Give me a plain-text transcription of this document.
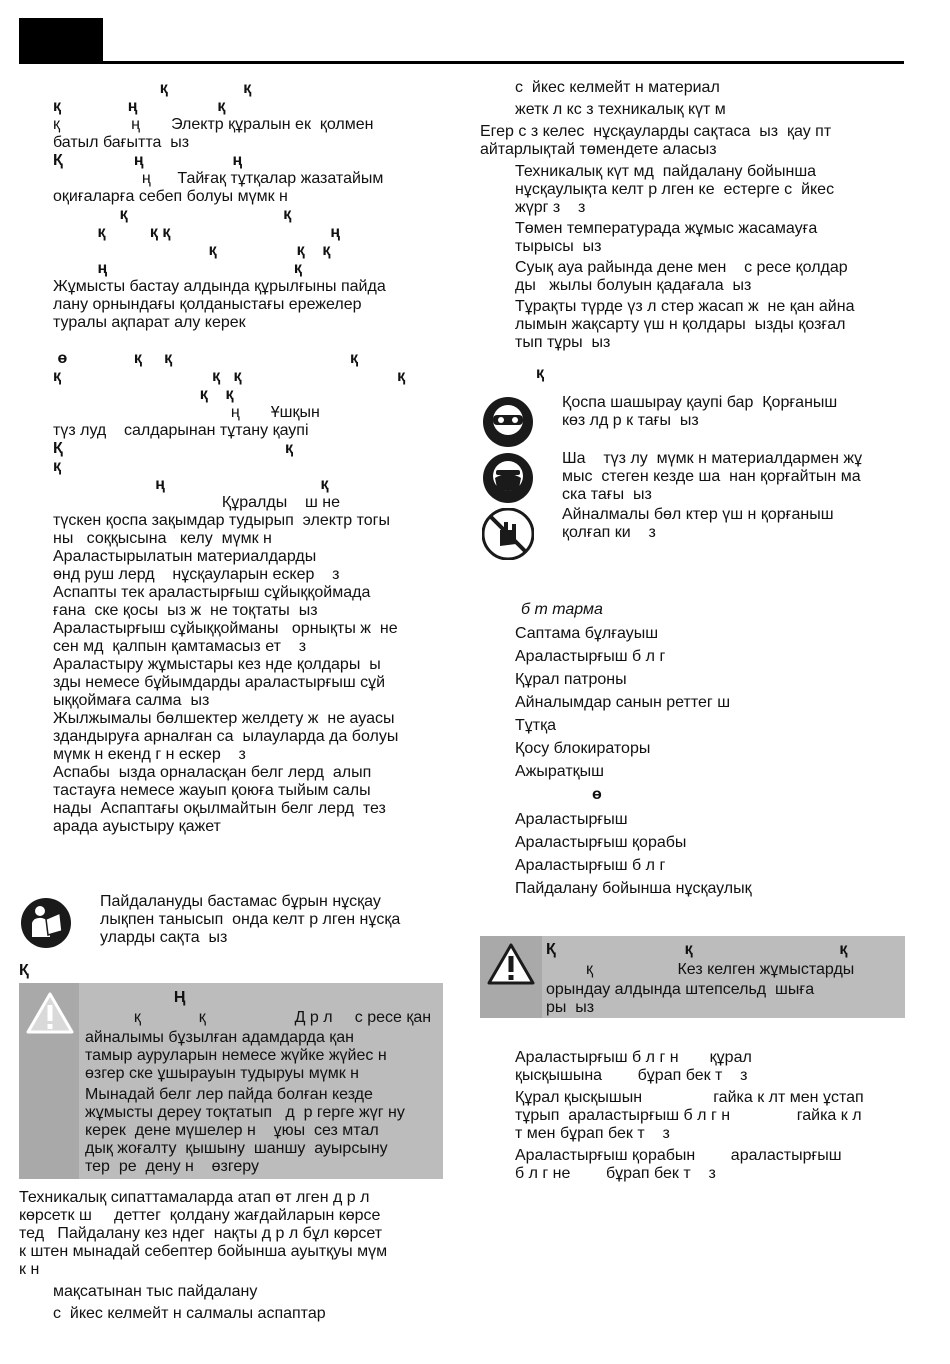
қ                 қ

қ               ң                  қ

қ                ң       Электр құралын ек  қолмен

батыл бағытта  ыз

Қ                ң                    ң

ң      Тайғақ тұтқалар жазатайым

оқиғаларға себеп болуы мүмк н

қ                                   қ

қ          қ қ                                    ң

қ                  қ    қ

ң                                          қ

Жұмысты бастау алдында құрылғыны пайда

лану орнындағы қолданыстағы ережелер

туралы ақпарат алу керек

ө               қ     қ                                        қ

қ                                  қ   қ                                   қ

қ    қ

ң       Ұшқын

түз луд    салдарынан тұтану қаупі

Қ                                                  қ

қ

ң                                   қ

Құралды    ш не

түскен қоспа зақымдар тудырып  электр тогы

ны   соққысына   келу  мүмк н

Араластырылатын материалдарды

өнд руш лерд    нұсқауларын ескер    з

Аспапты тек араластырғыш сұйыққоймада

ғана  ске қосы  ыз ж  не тоқтаты  ыз

Араластырғыш сұйыққойманы   орнықты ж  не

сен мд  қалпын қамтамасыз ет    з

Араластыру жұмыстары кез нде қолдары  ы

зды немесе бұйымдарды араластырғыш сұй

ыққоймаға салма  ыз

Жылжымалы бөлшектер желдету ж  не ауасы

здандыруға арналған са  ылауларда да болуы

мүмк н екенд г н ескер    з

Аспабы  ызда орналасқан белг лерд  алып

тастауға немесе жауып қоюға тыйым салы

нады  Аспаптағы оқылмайтын белг лерд  тез

арада ауыстыру қажет

Пайдалануды бастамас бұрын нұсқау

лықпен танысып  онда келт р лген нұсқа

уларды сақта  ыз

Қ

Ң

қ             қ                    Д р л     с ресе қан

айналымы бұзылған адамдарда қан

тамыр ауруларын немесе жүйке жүйес н

өзгер ске ұшырауын тудыруы мүмк н

Мынадай белг лер пайда болған кезде

жұмысты дереу тоқтатып   д  р герге жүг ну

керек  дене мүшелер н    ұюы  сез мтал

дық жоғалту  қышыну  шаншу  ауырсыну

тер  ре  дену н    өзгеру

Техникалық сипаттамаларда атап өт лген д р л

көрсетк ш     деттег  қолдану жағдайларын көрсе

тед   Пайдалану кез ндег  нақты д р л бұл көрсет

к штен мынадай себептер бойынша ауытқуы мүм

к н

мақсатынан тыс пайдалану

с  йкес келмейт н салмалы аспаптар

с  йкес келмейт н материал

жетк л кс з техникалық күт м

Егер с з келес  нұсқауларды сақтаса  ыз  қау пт

айтарлықтай төмендете аласыз

Техникалық күт мд  пайдалану бойынша

нұсқаулықта келт р лген ке  естерге с  йкес

жүрг з    з

Төмен температурада жұмыс жасамауға

тырысы  ыз

Суық ауа райында дене мен    с ресе қолдар

ды   жылы болуын қадағала  ыз

Тұрақты түрде үз л стер жасап ж  не қан айна

лымын жақсарту үш н қолдары  ызды қозғал

тып тұры  ыз

қ

Қоспа шашырау қаупі бар  Қорғаныш

көз лд р к тағы  ыз

Ша    түз лу  мүмк н материалдармен жұ

мыс  стеген кезде ша  нан қорғайтын ма

ска тағы  ыз

Айналмалы бөл ктер үш н қорғаныш

қолғап ки    з

б т тарма

Саптама бұлғауыш

Араластырғыш б л г

Құрал патроны

Айналымдар санын реттег ш

Тұтқа

Қосу блокираторы

Ажыратқыш

ө

Араластырғыш

Араластырғыш қорабы

Араластырғыш б л г

Пайдалану бойынша нұсқаулық

Қ                             қ                                 қ

қ                   Кез келген жұмыстарды

орындау алдында штепсельд  шыға

ры  ыз

Араластырғыш б л г н       құрал

қысқышына        бұрап бек т    з

Құрал қысқышын                гайка к лт мен ұстап

тұрып  араластырғыш б л г н               гайка к л

т мен бұрап бек т    з

Араластырғыш қорабын        араластырғыш

б л г не        бұрап бек т    з
